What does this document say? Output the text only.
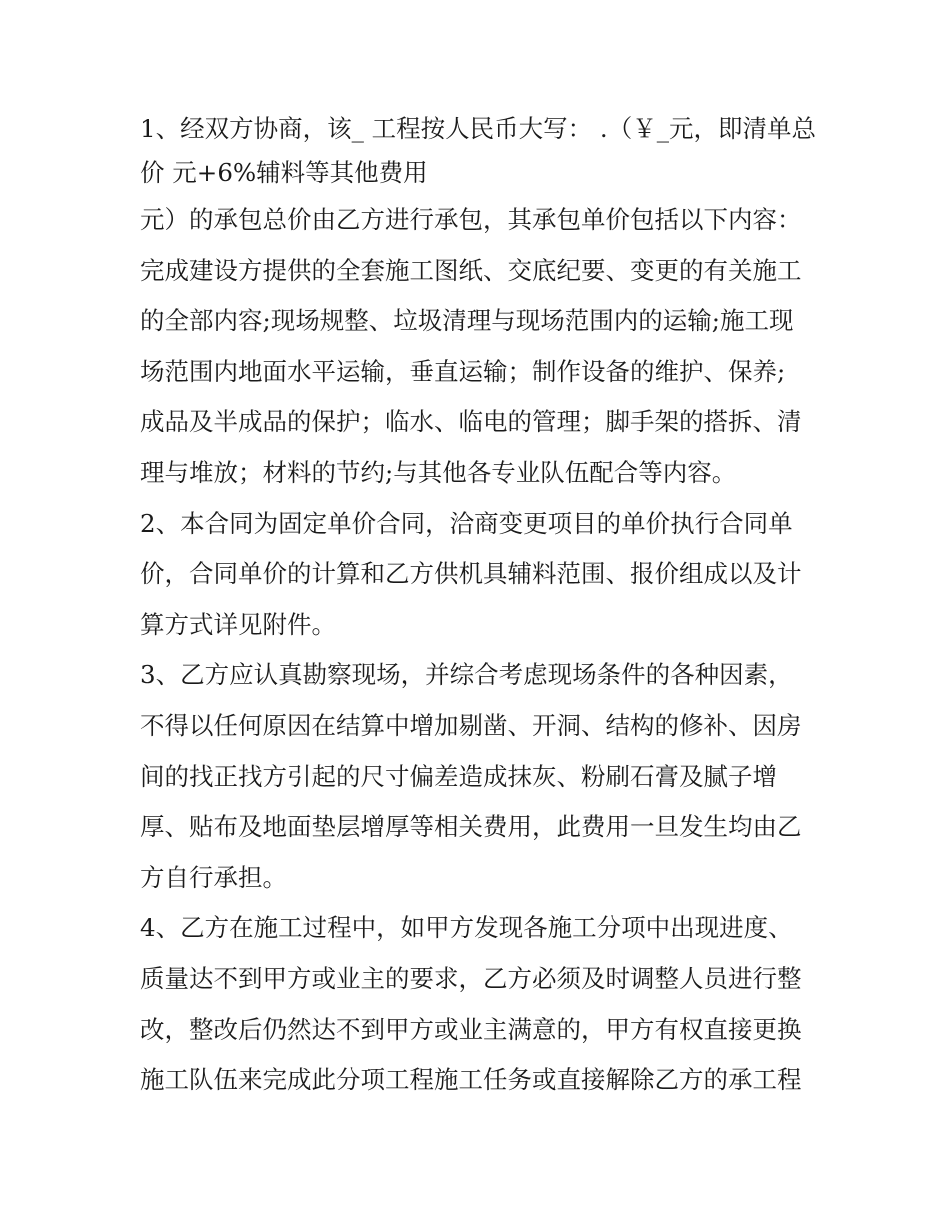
1、经双方协商，该_ 工程按人民币大写： .（￥_元，即清单总
价 元+6%辅料等其他费用
元）的承包总价由乙方进行承包，其承包单价包括以下内容：
完成建设方提供的全套施工图纸、交底纪要、变更的有关施工
的全部内容;现场规整、垃圾清理与现场范围内的运输;施工现
场范围内地面水平运输，垂直运输；制作设备的维护、保养;
成品及半成品的保护；临水、临电的管理；脚手架的搭拆、清
理与堆放；材料的节约;与其他各专业队伍配合等内容。
2、本合同为固定单价合同，洽商变更项目的单价执行合同单
价，合同单价的计算和乙方供机具辅料范围、报价组成以及计
算方式详见附件。
3、乙方应认真勘察现场，并综合考虑现场条件的各种因素，
不得以任何原因在结算中增加剔凿、开洞、结构的修补、因房
间的找正找方引起的尺寸偏差造成抹灰、粉刷石膏及腻子增
厚、贴布及地面垫层增厚等相关费用，此费用一旦发生均由乙
方自行承担。
4、乙方在施工过程中，如甲方发现各施工分项中出现进度、
质量达不到甲方或业主的要求，乙方必须及时调整人员进行整
改，整改后仍然达不到甲方或业主满意的，甲方有权直接更换
施工队伍来完成此分项工程施工任务或直接解除乙方的承工程
